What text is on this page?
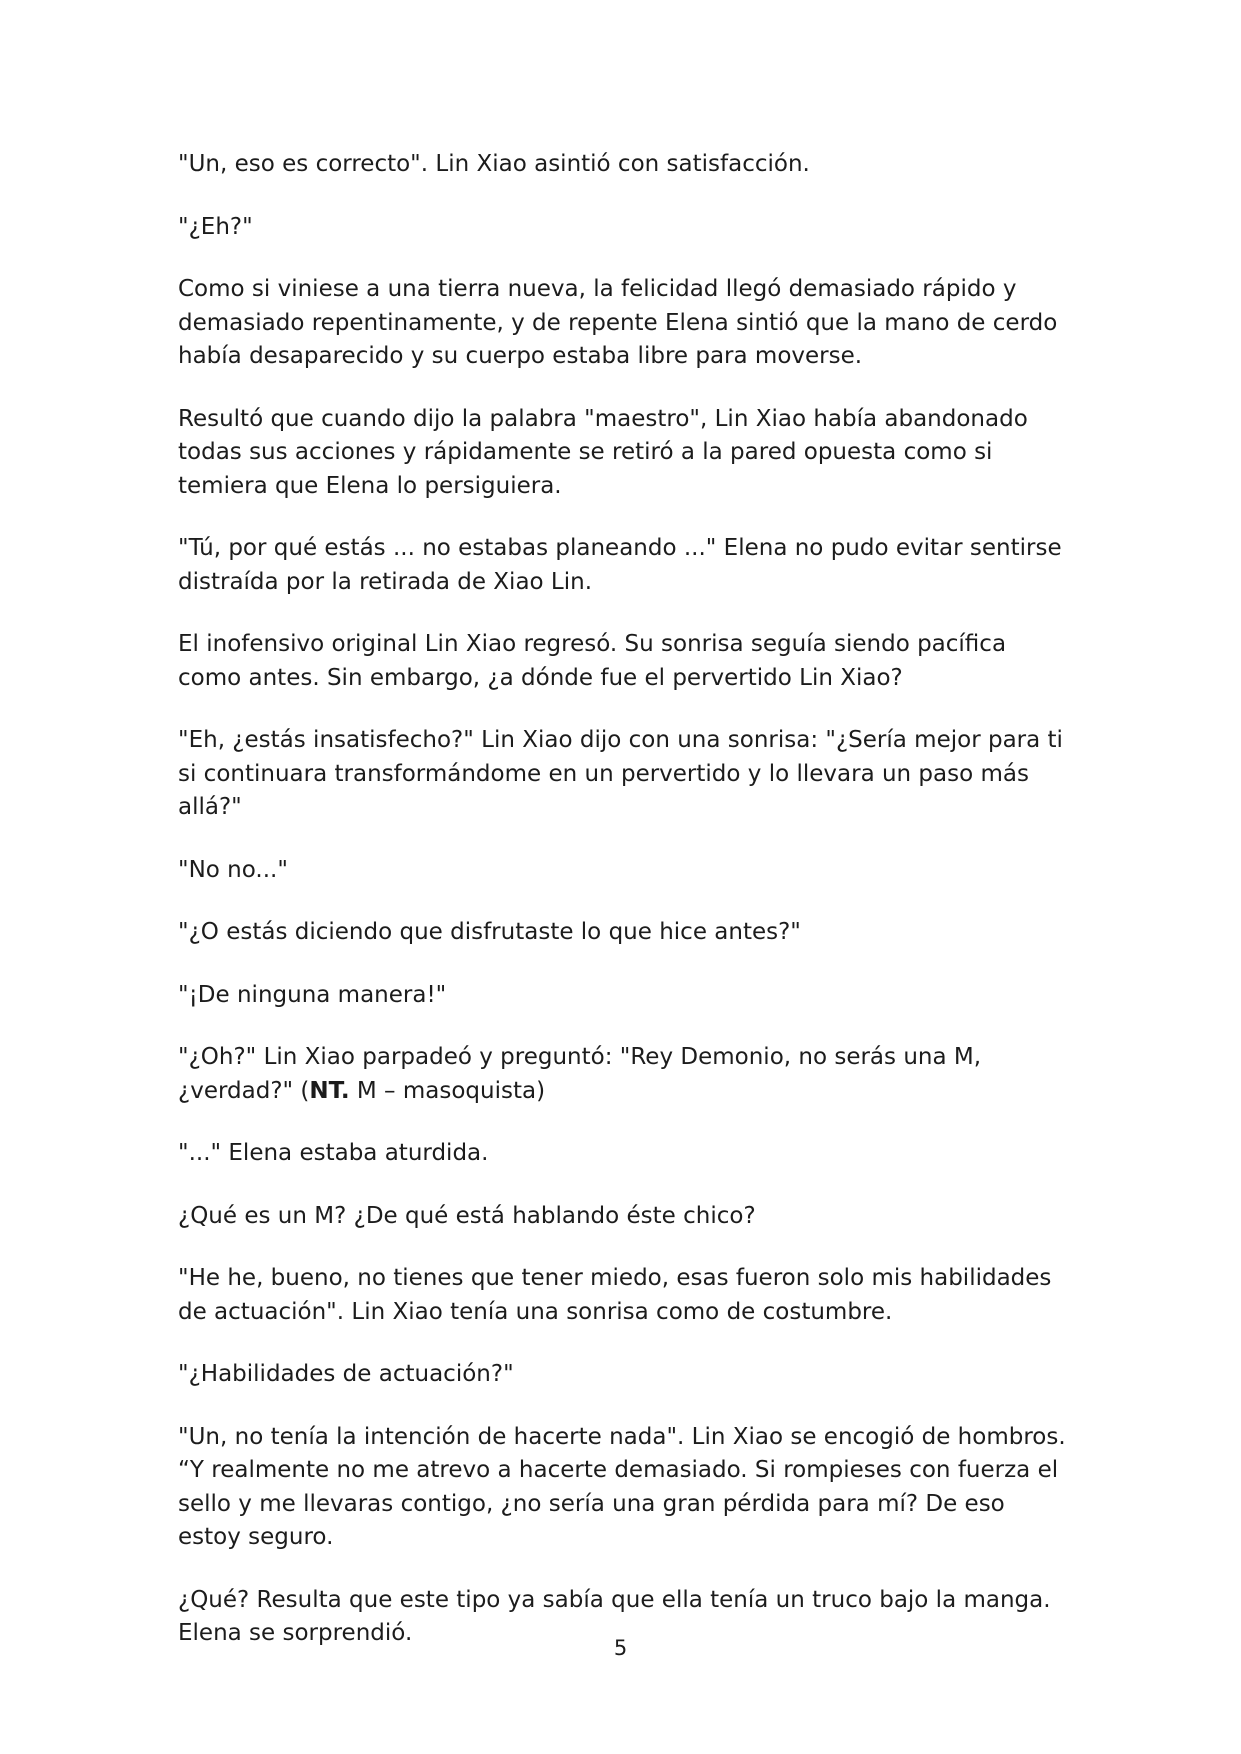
"Un, eso es correcto". Lin Xiao asintió con satisfacción.

"¿Eh?"

Como si viniese a una tierra nueva, la felicidad llegó demasiado rápido y demasiado repentinamente, y de repente Elena sintió que la mano de cerdo había desaparecido y su cuerpo estaba libre para moverse.

Resultó que cuando dijo la palabra "maestro", Lin Xiao había abandonado todas sus acciones y rápidamente se retiró a la pared opuesta como si temiera que Elena lo persiguiera.

"Tú, por qué estás ... no estabas planeando ..." Elena no pudo evitar sentirse distraída por la retirada de Xiao Lin.

El inofensivo original Lin Xiao regresó. Su sonrisa seguía siendo pacífica como antes. Sin embargo, ¿a dónde fue el pervertido Lin Xiao?

"Eh, ¿estás insatisfecho?" Lin Xiao dijo con una sonrisa: "¿Sería mejor para ti si continuara transformándome en un pervertido y lo llevara un paso más allá?"

"No no..."

"¿O estás diciendo que disfrutaste lo que hice antes?"

"¡De ninguna manera!"

"¿Oh?" Lin Xiao parpadeó y preguntó: "Rey Demonio, no serás una M, ¿verdad?" (NT. M – masoquista)

"..." Elena estaba aturdida.

¿Qué es un M? ¿De qué está hablando éste chico?

"He he, bueno, no tienes que tener miedo, esas fueron solo mis habilidades de actuación". Lin Xiao tenía una sonrisa como de costumbre.

"¿Habilidades de actuación?"

"Un, no tenía la intención de hacerte nada". Lin Xiao se encogió de hombros. “Y realmente no me atrevo a hacerte demasiado. Si rompieses con fuerza el sello y me llevaras contigo, ¿no sería una gran pérdida para mí? De eso estoy seguro.

¿Qué? Resulta que este tipo ya sabía que ella tenía un truco bajo la manga. Elena se sorprendió.

5
